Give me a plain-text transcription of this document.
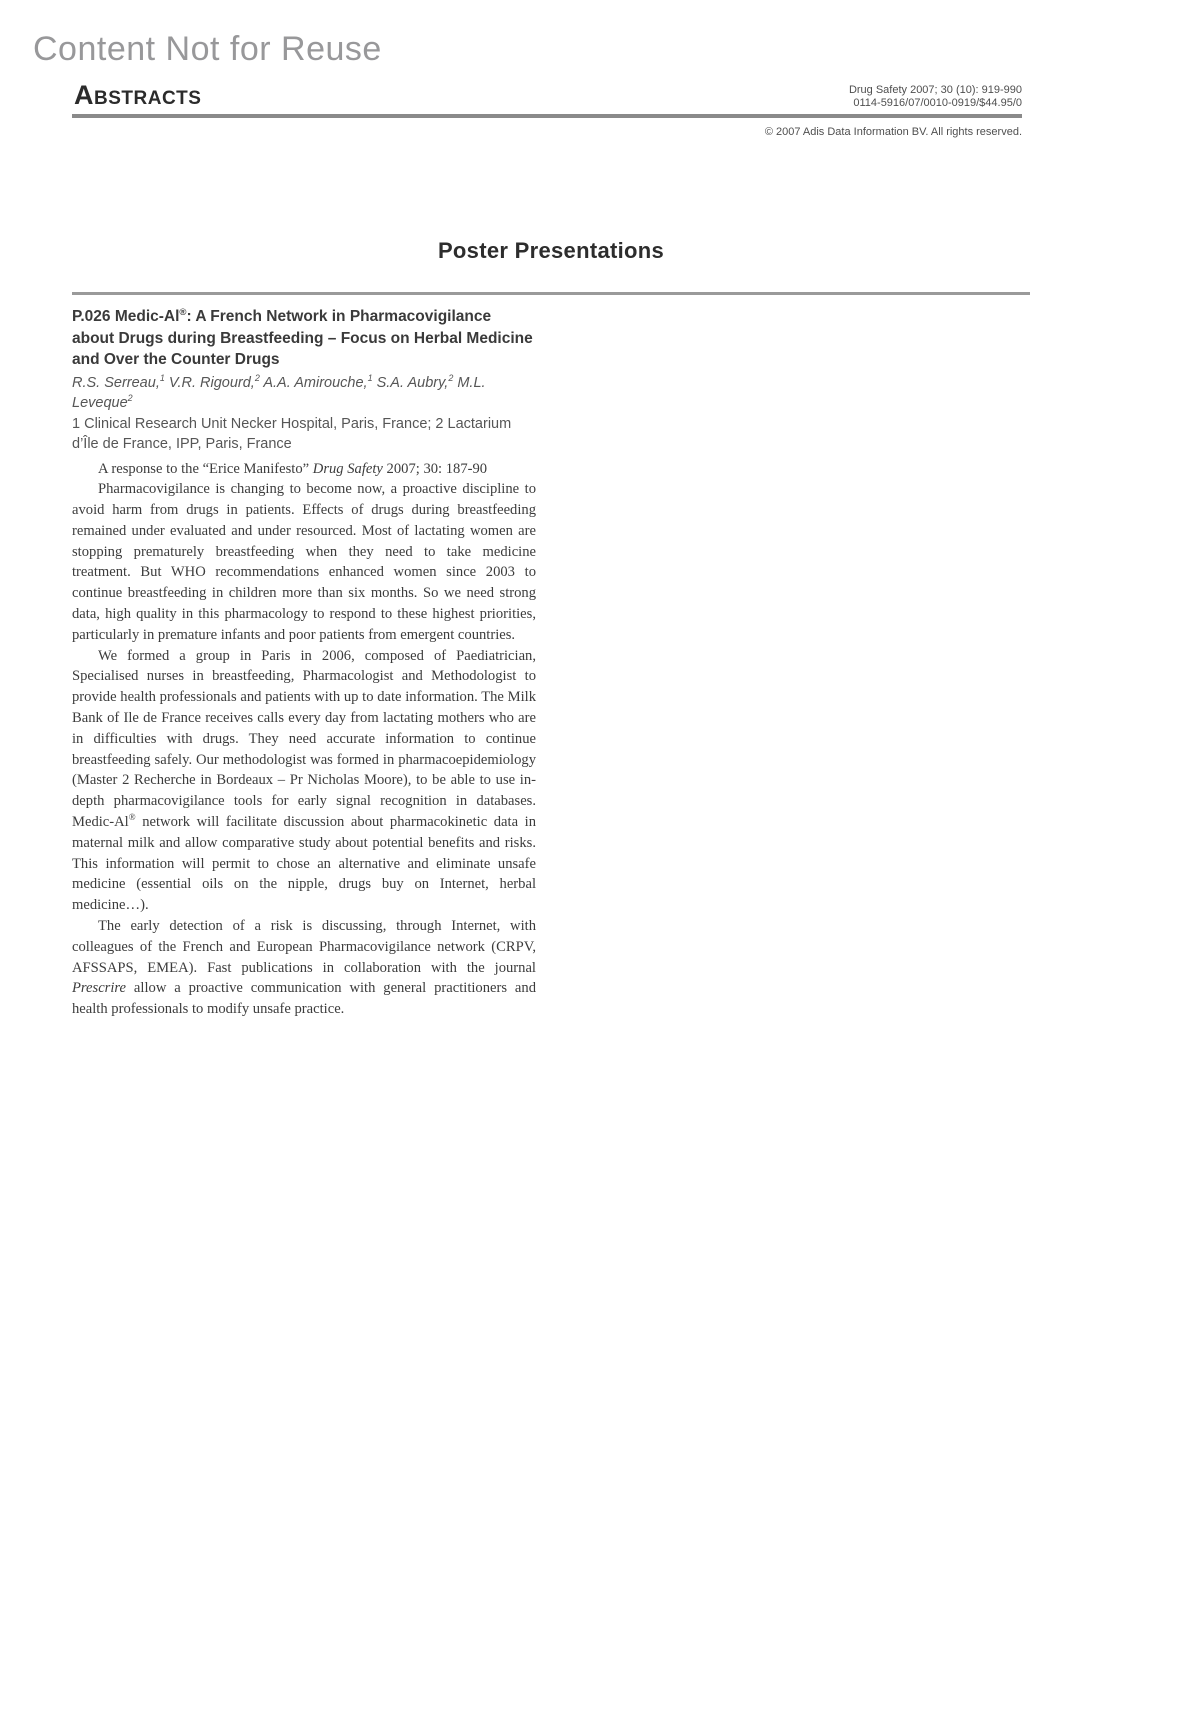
Content Not for Reuse
Abstracts	Drug Safety 2007; 30 (10): 919-990
0114-5916/07/0010-0919/$44.95/0
© 2007 Adis Data Information BV. All rights reserved.
Poster Presentations
P.026 Medic-Al®: A French Network in Pharmacovigilance about Drugs during Breastfeeding – Focus on Herbal Medicine and Over the Counter Drugs

R.S. Serreau,$^1$ V.R. Rigourd,$^2$ A.A. Amirouche,$^1$ S.A. Aubry,$^2$ M.L. Leveque$^2$

1 Clinical Research Unit Necker Hospital, Paris, France; 2 Lactarium d’Île de France, IPP, Paris, France

A response to the “Erice Manifesto” Drug Safety 2007; 30: 187-90

Pharmacovigilance is changing to become now, a proactive discipline to avoid harm from drugs in patients. Effects of drugs during breastfeeding remained under evaluated and under resourced. Most of lactating women are stopping prematurely breastfeeding when they need to take medicine treatment. But WHO recommendations enhanced women since 2003 to continue breastfeeding in children more than six months. So we need strong data, high quality in this pharmacology to respond to these highest priorities, particularly in premature infants and poor patients from emergent countries.

We formed a group in Paris in 2006, composed of Paediatrician, Specialised nurses in breastfeeding, Pharmacologist and Methodologist to provide health professionals and patients with up to date information. The Milk Bank of Ile de France receives calls every day from lactating mothers who are in difficulties with drugs. They need accurate information to continue breastfeeding safely. Our methodologist was formed in pharmacoepidemiology (Master 2 Recherche in Bordeaux – Pr Nicholas Moore), to be able to use in-depth pharmacovigilance tools for early signal recognition in databases. Medic-Al® network will facilitate discussion about pharmacokinetic data in maternal milk and allow comparative study about potential benefits and risks. This information will permit to chose an alternative and eliminate unsafe medicine (essential oils on the nipple, drugs buy on Internet, herbal medicine…).

The early detection of a risk is discussing, through Internet, with colleagues of the French and European Pharmacovigilance network (CRPV, AFSSAPS, EMEA). Fast publications in collaboration with the journal Prescrire allow a proactive communication with general practitioners and health professionals to modify unsafe practice.
